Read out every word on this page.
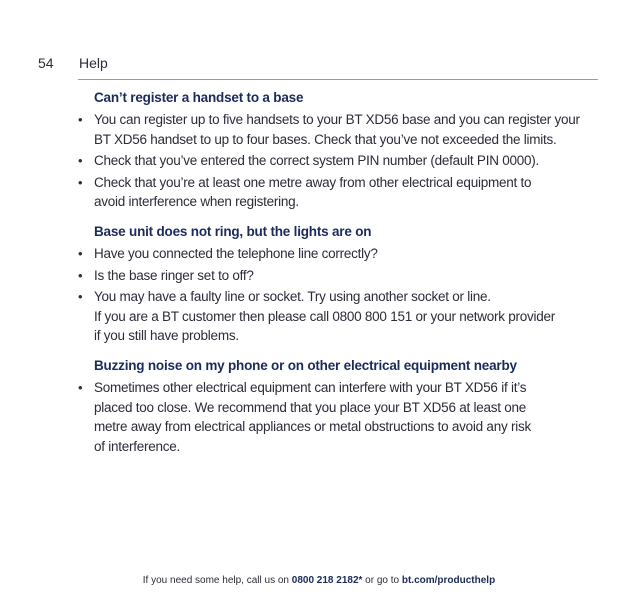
54 Help
Can’t register a handset to a base
• You can register up to five handsets to your BT XD56 base and you can register your
BT XD56 handset to up to four bases. Check that you’ve not exceeded the limits.
• Check that you’ve entered the correct system PIN number (default PIN 0000).
• Check that you’re at least one metre away from other electrical equipment to
avoid interference when registering.
Base unit does not ring, but the lights are on
• Have you connected the telephone line correctly?
• Is the base ringer set to off?
• You may have a faulty line or socket. Try using another socket or line.
If you are a BT customer then please call 0800 800 151 or your network provider
if you still have problems.
Buzzing noise on my phone or on other electrical equipment nearby
• Sometimes other electrical equipment can interfere with your BT XD56 if it’s
placed too close. We recommend that you place your BT XD56 at least one
metre away from electrical appliances or metal obstructions to avoid any risk
of interference.
If you need some help, call us on 0800 218 2182* or go to bt.com/producthelp
